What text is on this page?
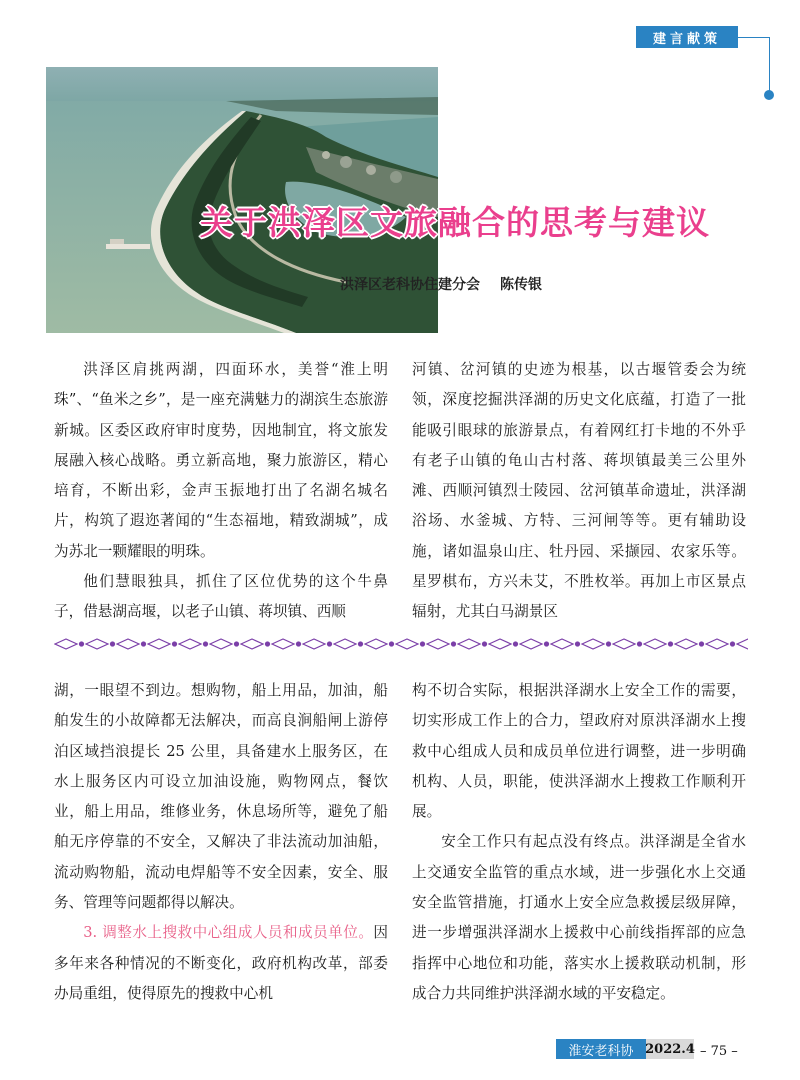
建言献策
关于洪泽区文旅融合的思考与建议
洪泽区老科协住建分会 陈传银

洪泽区肩挑两湖，四面环水，美誉“淮上明珠”、“鱼米之乡”，是一座充满魅力的湖滨生态旅游新城。区委区政府审时度势，因地制宜，将文旅发展融入核心战略。勇立新高地，聚力旅游区，精心培育，不断出彩，金声玉振地打出了名湖名城名片，构筑了遐迩著闻的“生态福地，精致湖城”，成为苏北一颗耀眼的明珠。

他们慧眼独具，抓住了区位优势的这个牛鼻子，借悬湖高堰，以老子山镇、蒋坝镇、西顺

河镇、岔河镇的史迹为根基，以古堰管委会为统领，深度挖掘洪泽湖的历史文化底蕴，打造了一批能吸引眼球的旅游景点，有着网红打卡地的不外乎有老子山镇的龟山古村落、蒋坝镇最美三公里外滩、西顺河镇烈士陵园、岔河镇革命遗址，洪泽湖浴场、水釜城、方特、三河闸等等。更有辅助设施，诸如温泉山庄、牡丹园、采撷园、农家乐等。星罗棋布，方兴未艾，不胜枚举。再加上市区景点辐射，尤其白马湖景区

湖，一眼望不到边。想购物，船上用品，加油，船舶发生的小故障都无法解决，而高良涧船闸上游停泊区域挡浪提长 25 公里，具备建水上服务区，在水上服务区内可设立加油设施，购物网点，餐饮业，船上用品，维修业务，休息场所等，避免了船舶无序停靠的不安全，又解决了非法流动加油船，流动购物船，流动电焊船等不安全因素，安全、服务、管理等问题都得以解决。

3. 调整水上搜救中心组成人员和成员单位。因多年来各种情况的不断变化，政府机构改革，部委办局重组，使得原先的搜救中心机

构不切合实际，根据洪泽湖水上安全工作的需要，切实形成工作上的合力，望政府对原洪泽湖水上搜救中心组成人员和成员单位进行调整，进一步明确机构、人员，职能，使洪泽湖水上搜救工作顺利开展。

安全工作只有起点没有终点。洪泽湖是全省水上交通安全监管的重点水域，进一步强化水上交通安全监管措施，打通水上安全应急救援层级屏障，进一步增强洪泽湖水上援救中心前线指挥部的应急指挥中心地位和功能，落实水上援救联动机制，形成合力共同维护洪泽湖水域的平安稳定。

淮安老科协 2022.4 – 75 –
